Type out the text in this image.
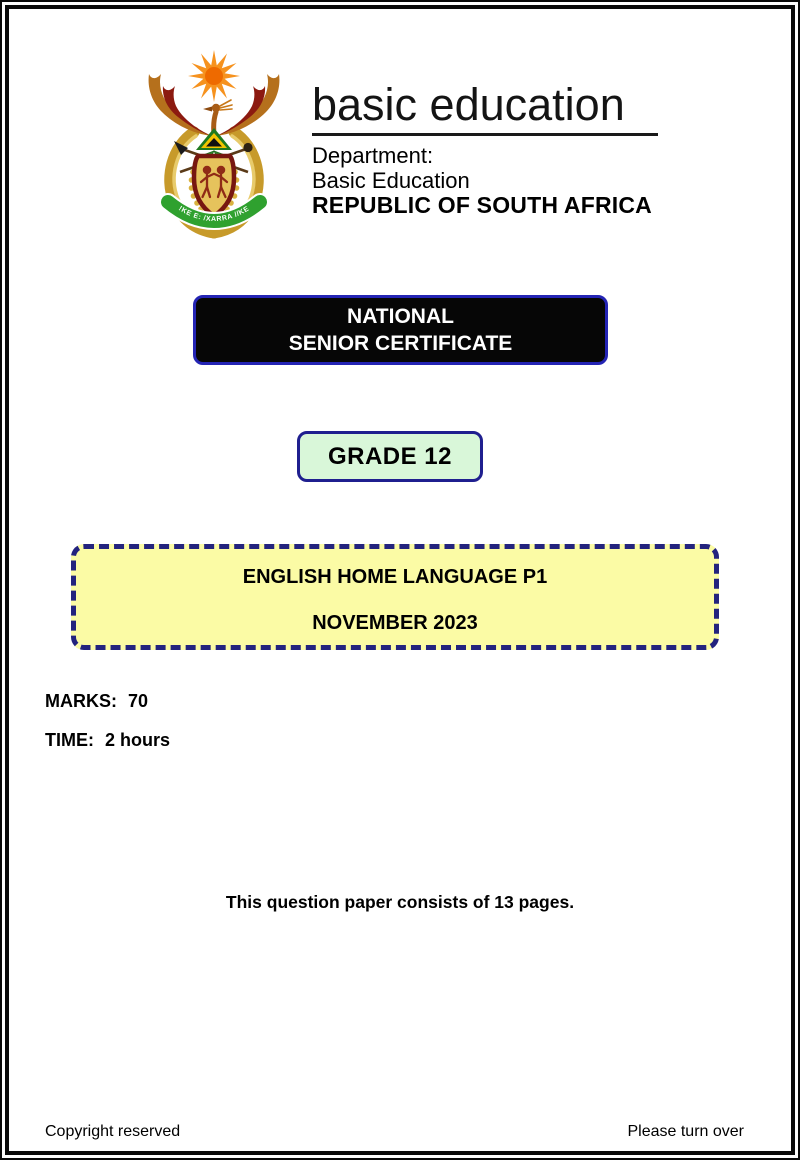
!KE E: /XARRA //KE
basic education
Department:
Basic Education
REPUBLIC OF SOUTH AFRICA
NATIONAL
SENIOR CERTIFICATE
GRADE 12
ENGLISH HOME LANGUAGE P1
NOVEMBER 2023
MARKS: 70
TIME: 2 hours
This question paper consists of 13 pages.
Copyright reserved	Please turn over
